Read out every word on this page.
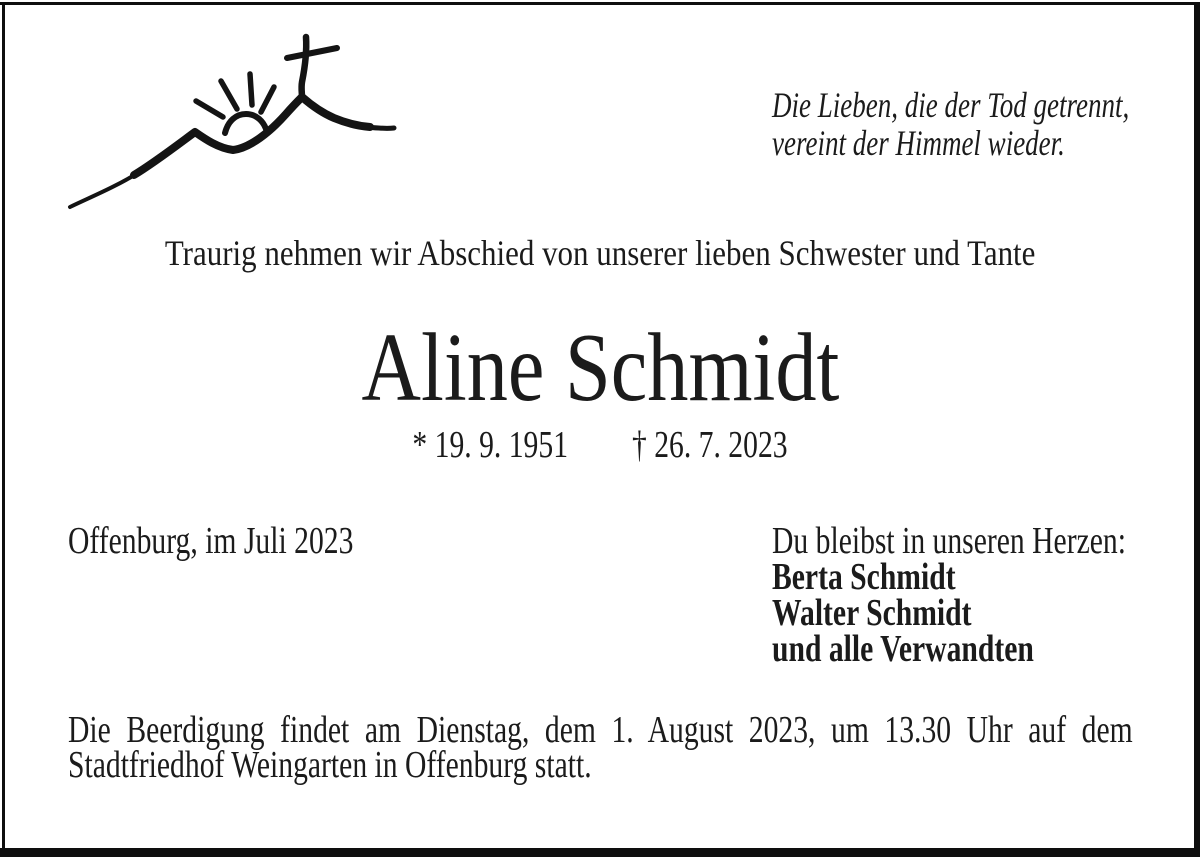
Die Lieben, die der Tod getrennt,
vereint der Himmel wieder.
Traurig nehmen wir Abschied von unserer lieben Schwester und Tante
Aline Schmidt
* 19. 9. 1951 † 26. 7. 2023
Offenburg, im Juli 2023	Du bleibst in unseren Herzen:
Berta Schmidt
Walter Schmidt
und alle Verwandten
Die Beerdigung findet am Dienstag, dem 1. August 2023, um 13.30 Uhr auf dem
Stadtfriedhof Weingarten in Offenburg statt.
